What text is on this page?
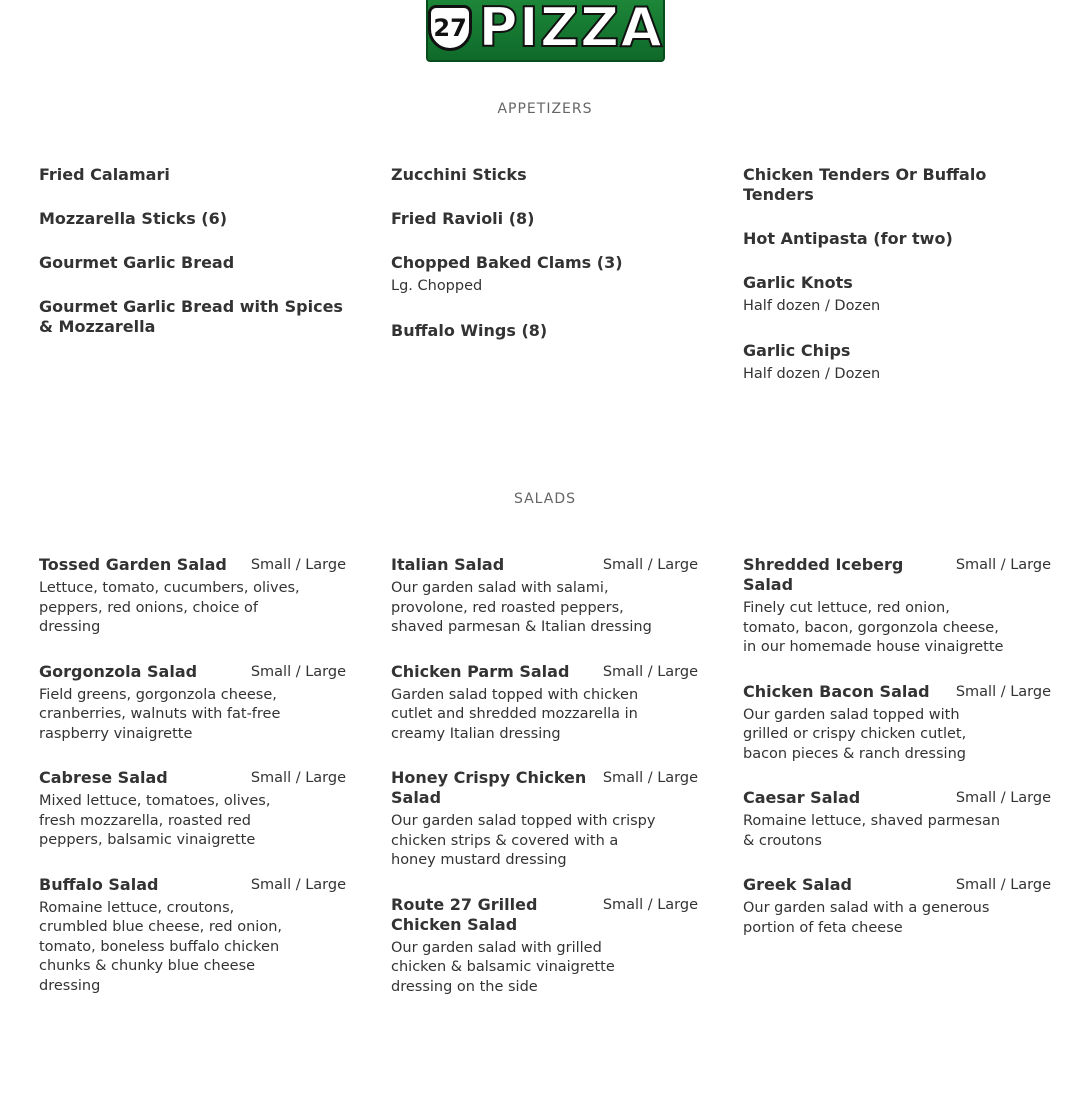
27 PIZZA
APPETIZERS
Fried Calamari
Mozzarella Sticks (6)
Gourmet Garlic Bread
Gourmet Garlic Bread with Spices & Mozzarella
Zucchini Sticks
Fried Ravioli (8)
Chopped Baked Clams (3)
Lg. Chopped
Buffalo Wings (8)
Chicken Tenders Or Buffalo Tenders
Hot Antipasta (for two)
Garlic Knots
Half dozen / Dozen
Garlic Chips
Half dozen / Dozen
SALADS
Tossed Garden Salad	Small / Large
Lettuce, tomato, cucumbers, olives, peppers, red onions, choice of dressing
Gorgonzola Salad	Small / Large
Field greens, gorgonzola cheese, cranberries, walnuts with fat-free raspberry vinaigrette
Cabrese Salad	Small / Large
Mixed lettuce, tomatoes, olives, fresh mozzarella, roasted red peppers, balsamic vinaigrette
Buffalo Salad	Small / Large
Romaine lettuce, croutons, crumbled blue cheese, red onion, tomato, boneless buffalo chicken chunks & chunky blue cheese dressing
Italian Salad	Small / Large
Our garden salad with salami, provolone, red roasted peppers, shaved parmesan & Italian dressing
Chicken Parm Salad	Small / Large
Garden salad topped with chicken cutlet and shredded mozzarella in creamy Italian dressing
Honey Crispy Chicken Salad
Small / Large
Our garden salad topped with crispy chicken strips & covered with a honey mustard dressing
Route 27 Grilled Chicken Salad
Small / Large
Our garden salad with grilled chicken & balsamic vinaigrette dressing on the side
Shredded Iceberg Salad
Small / Large
Finely cut lettuce, red onion, tomato, bacon, gorgonzola cheese, in our homemade house vinaigrette
Chicken Bacon Salad	Small / Large
Our garden salad topped with grilled or crispy chicken cutlet, bacon pieces & ranch dressing
Caesar Salad	Small / Large
Romaine lettuce, shaved parmesan & croutons
Greek Salad	Small / Large
Our garden salad with a generous portion of feta cheese
